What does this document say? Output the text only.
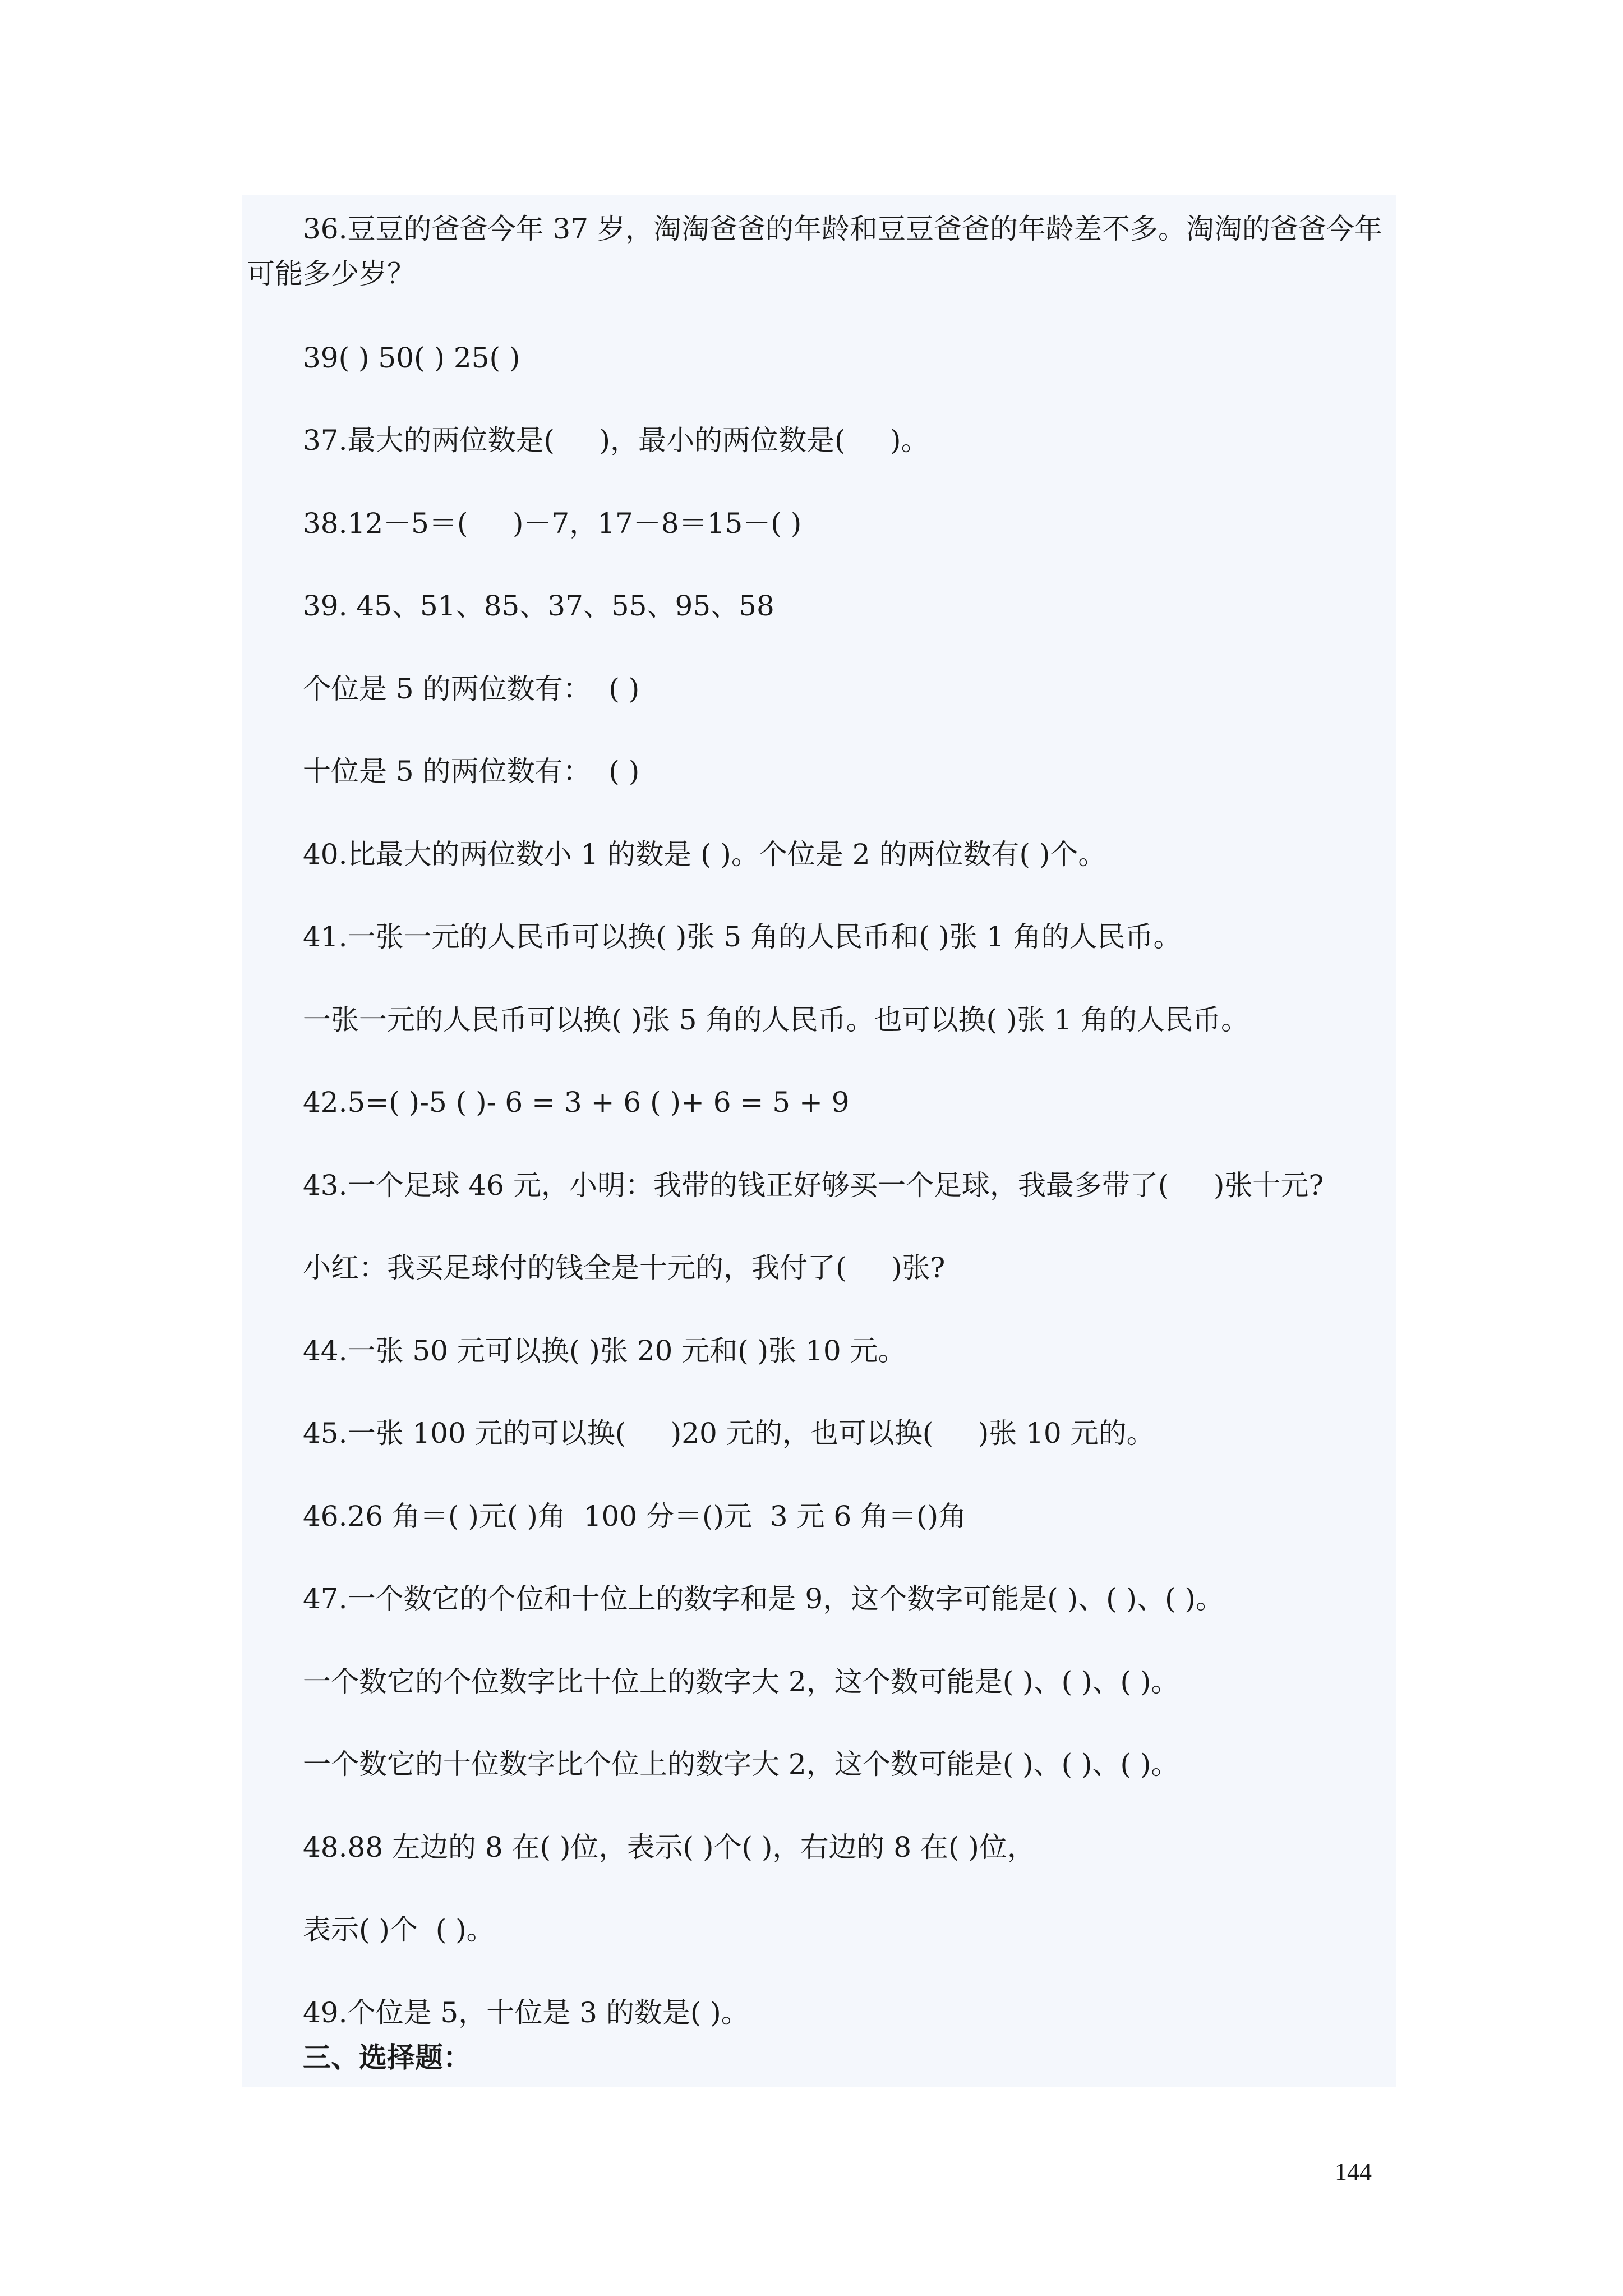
36.豆豆的爸爸今年 37 岁，淘淘爸爸的年龄和豆豆爸爸的年龄差不多。淘淘的爸爸今年
可能多少岁？
39( ) 50( ) 25( )
37.最大的两位数是(     )，最小的两位数是(     )。
38.12－5＝(     )－7，17－8＝15－( )
39. 45、51、85、37、55、95、58
个位是 5 的两位数有：  ( )
十位是 5 的两位数有：  ( )
40.比最大的两位数小 1 的数是 ( )。个位是 2 的两位数有( )个。
41.一张一元的人民币可以换( )张 5 角的人民币和( )张 1 角的人民币。
一张一元的人民币可以换( )张 5 角的人民币。也可以换( )张 1 角的人民币。
42.5=( )-5 ( )- 6 = 3 + 6 ( )+ 6 = 5 + 9
43.一个足球 46 元，小明：我带的钱正好够买一个足球，我最多带了(     )张十元?
小红：我买足球付的钱全是十元的，我付了(     )张?
44.一张 50 元可以换( )张 20 元和( )张 10 元。
45.一张 100 元的可以换(     )20 元的，也可以换(     )张 10 元的。
46.26 角＝( )元( )角  100 分＝()元  3 元 6 角＝()角
47.一个数它的个位和十位上的数字和是 9，这个数字可能是( )、( )、( )。
一个数它的个位数字比十位上的数字大 2，这个数可能是( )、( )、( )。
一个数它的十位数字比个位上的数字大 2，这个数可能是( )、( )、( )。
48.88 左边的 8 在( )位，表示( )个( )，右边的 8 在( )位，
表示( )个  ( )。
49.个位是 5，十位是 3 的数是( )。
三、选择题：
144
